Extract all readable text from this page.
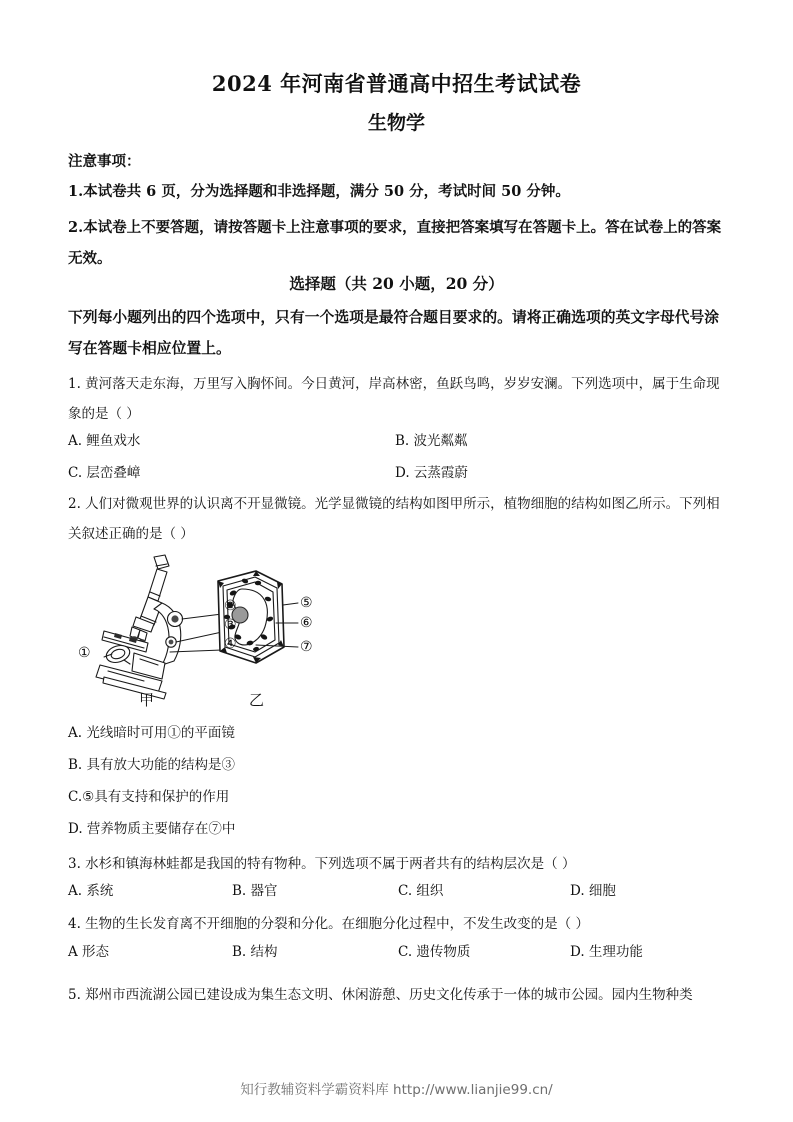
2024 年河南省普通高中招生考试试卷
生物学
注意事项：
1.本试卷共 6 页，分为选择题和非选择题，满分 50 分，考试时间 50 分钟。
2.本试卷上不要答题，请按答题卡上注意事项的要求，直接把答案填写在答题卡上。答在试卷上的答案无效。
选择题（共 20 小题，20 分）
下列每小题列出的四个选项中，只有一个选项是最符合题目要求的。请将正确选项的英文字母代号涂写在答题卡相应位置上。
1. 黄河落天走东海，万里写入胸怀间。今日黄河，岸高林密，鱼跃鸟鸣，岁岁安澜。下列选项中，属于生命现象的是（ ）
A. 鲤鱼戏水	B. 波光粼粼
C. 层峦叠嶂	D. 云蒸霞蔚
2. 人们对微观世界的认识离不开显微镜。光学显微镜的结构如图甲所示，植物细胞的结构如图乙所示。下列相关叙述正确的是（ ）
①
②
③
④
⑤
⑥
⑦
甲	乙
A. 光线暗时可用①的平面镜
B. 具有放大功能的结构是③
C.⑤具有支持和保护的作用
D. 营养物质主要储存在⑦中
3. 水杉和镇海林蛙都是我国的特有物种。下列选项不属于两者共有的结构层次是（ ）
A. 系统	B. 器官	C. 组织	D. 细胞
4. 生物的生长发育离不开细胞的分裂和分化。在细胞分化过程中，不发生改变的是（ ）
A 形态	B. 结构	C. 遗传物质	D. 生理功能
5. 郑州市西流湖公园已建设成为集生态文明、休闲游憩、历史文化传承于一体的城市公园。园内生物种类
知行教辅资料学霸资料库 http://www.lianjie99.cn/
